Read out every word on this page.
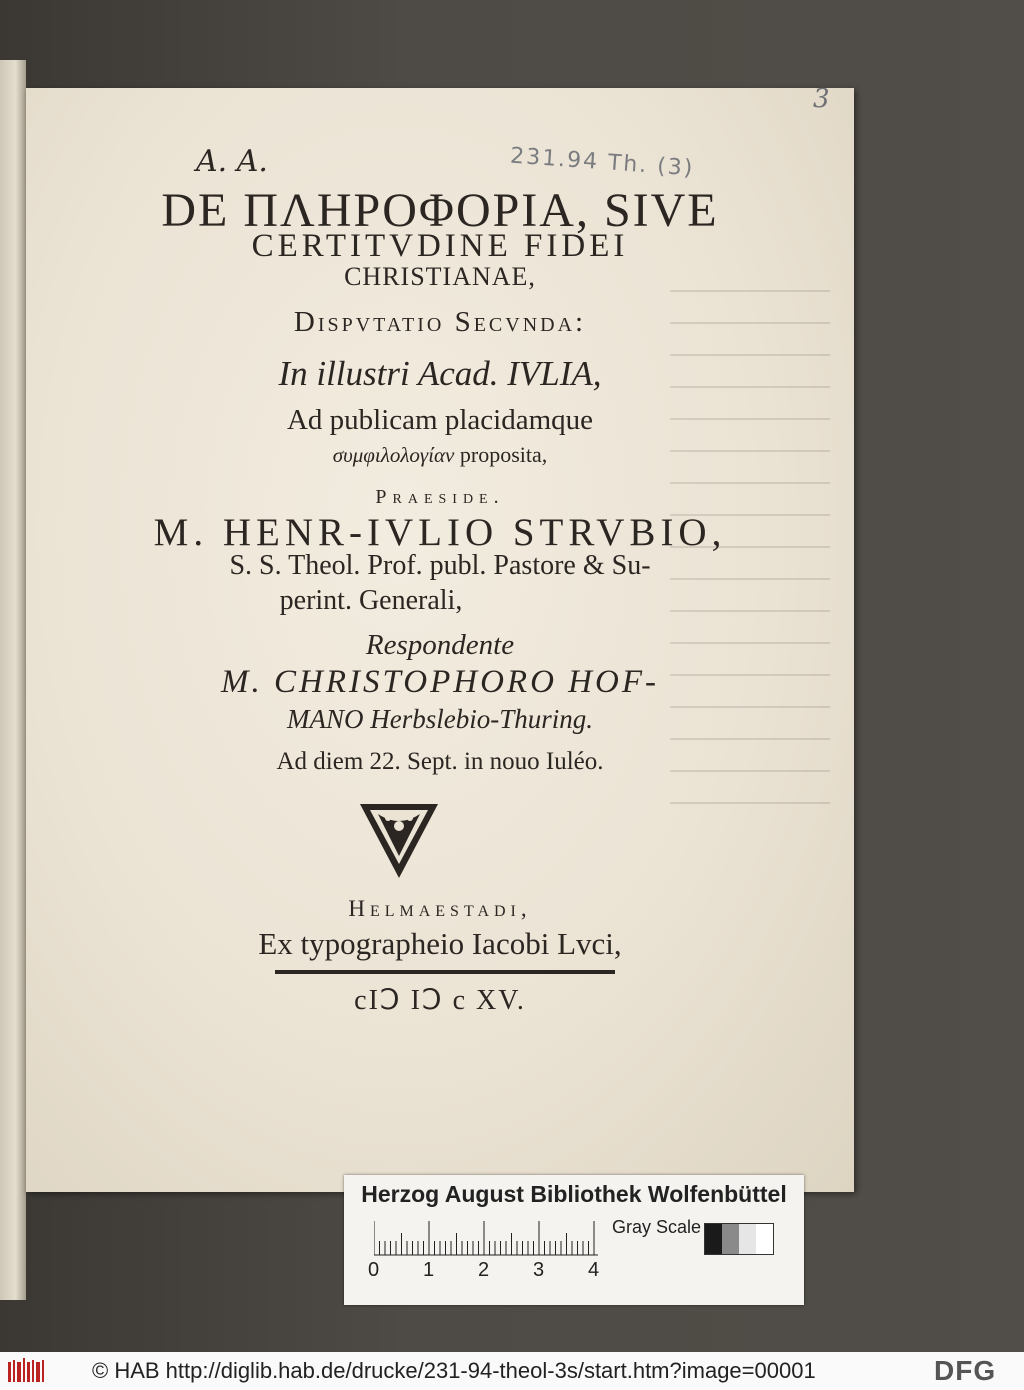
3
231.94 Th. (3)
A. A.
DE ΠΛΗΡΟΦΟΡΙΑ, SIVE
CERTITVDINE FIDEI
CHRISTIANAE,
Dispvtatio Secvnda:
In illustri Acad. IVLIA,
Ad publicam placidamque
συμφιλολογίαν proposita,
Praeside.
M. HENR-IVLIO STRVBIO,
S. S. Theol. Prof. publ. Pastore & Su-
perint. Generali,
Respondente
M. CHRISTOPHORO HOF-
MANO Herbslebio-Thuring.
Ad diem 22. Sept. in nouo Iuléo.
Helmaestadi,
Ex typographeio Iacobi Lvci,
cIↃ IↃ c XV.
Herzog August Bibliothek Wolfenbüttel
0 1 2 3 4
Gray Scale
© HAB http://diglib.hab.de/drucke/231-94-theol-3s/start.htm?image=00001	DFG
